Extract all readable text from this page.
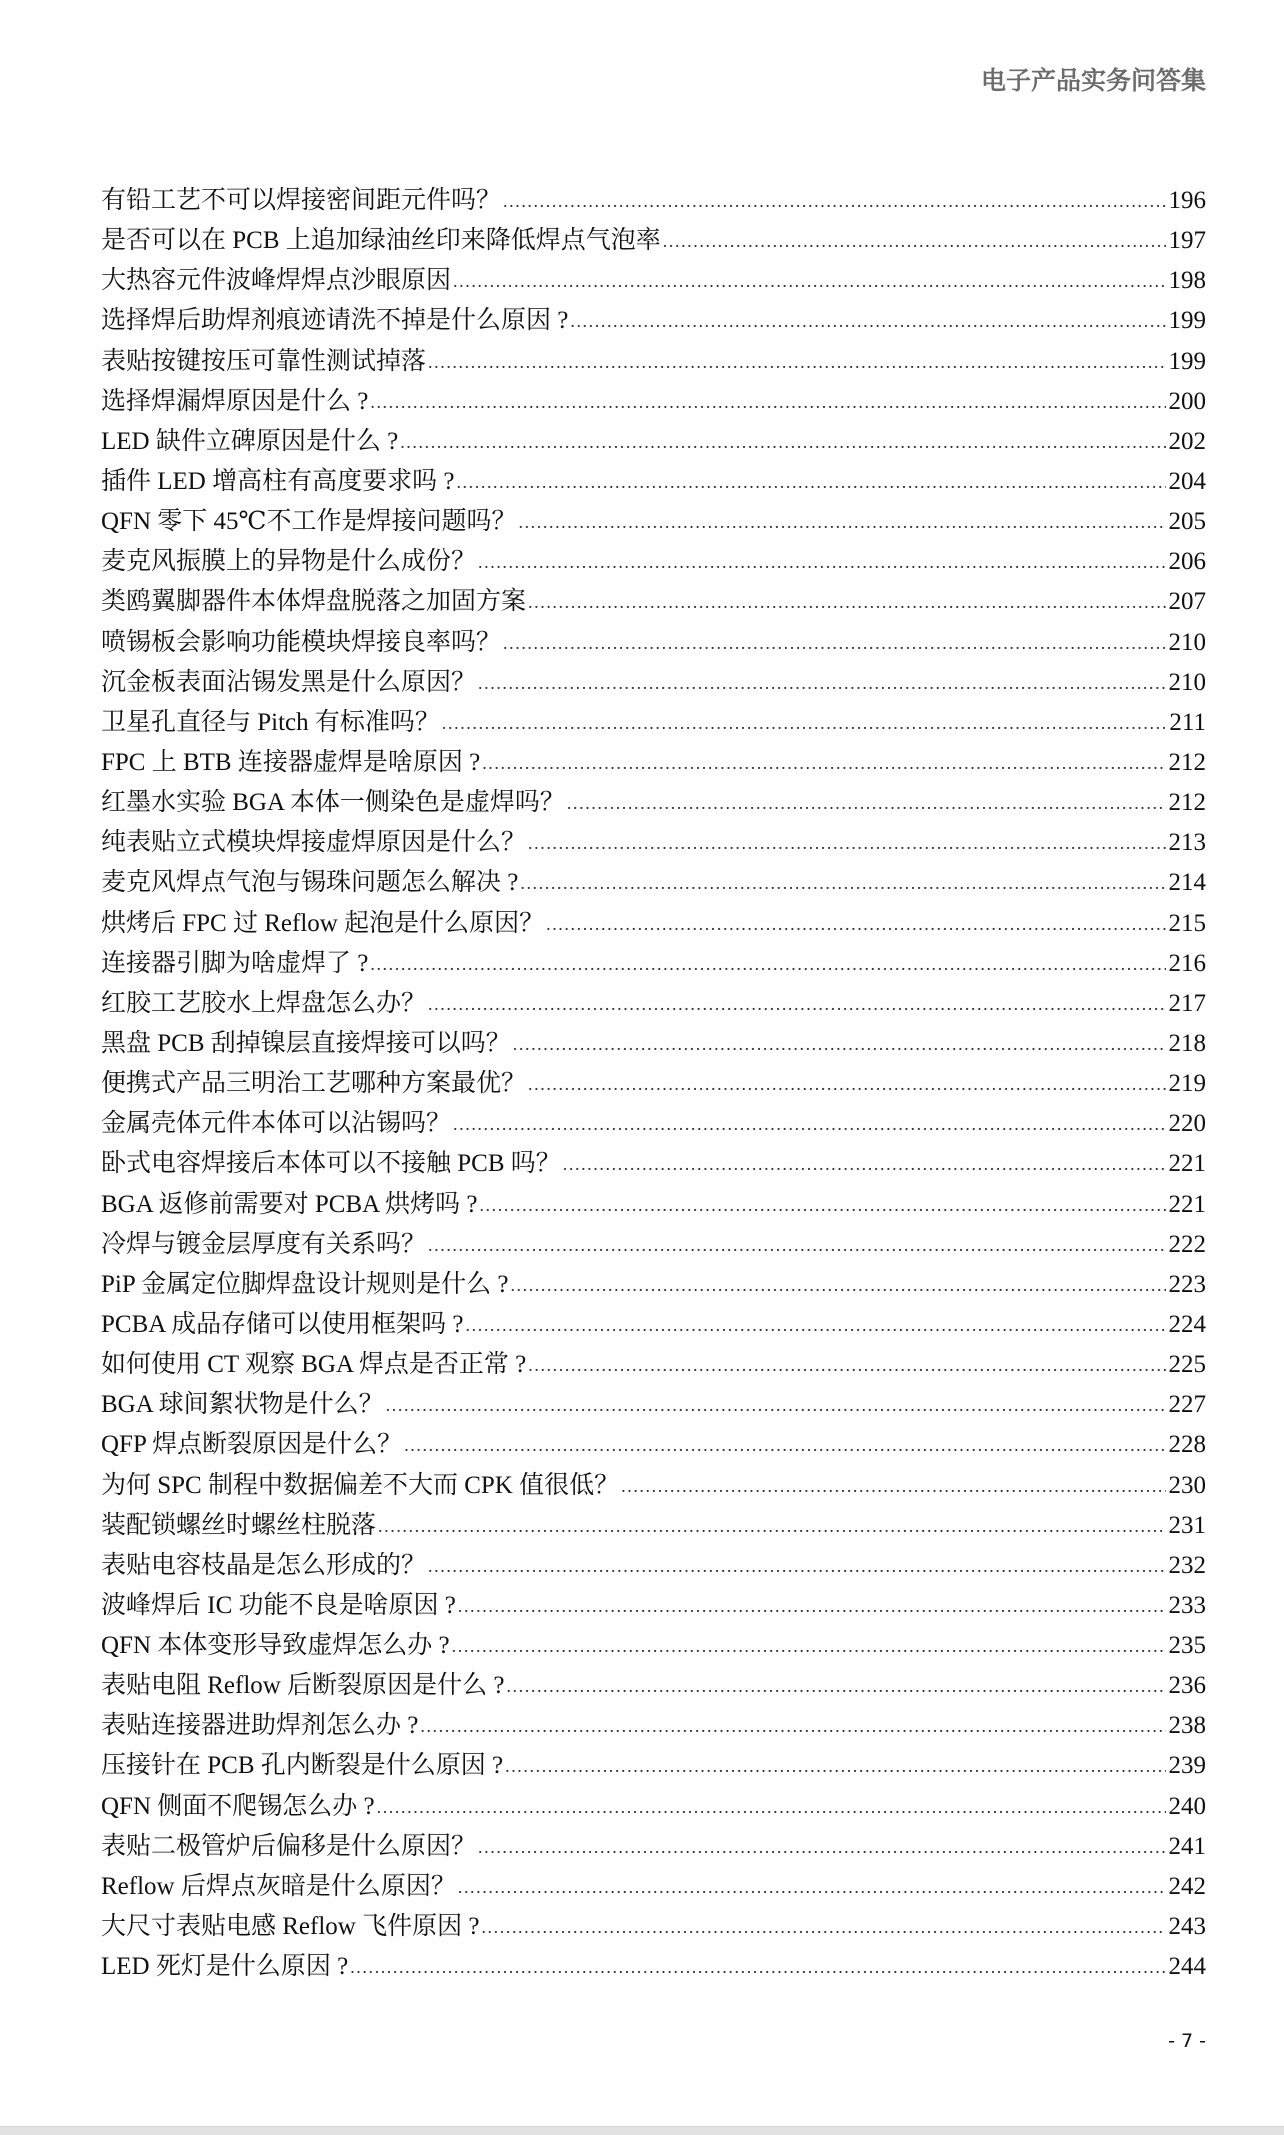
电子产品实务问答集
有铅工艺不可以焊接密间距元件吗？ .....	196
是否可以在 PCB 上追加绿油丝印来降低焊点气泡率 .....	197
大热容元件波峰焊焊点沙眼原因 .....	198
选择焊后助焊剂痕迹请洗不掉是什么原因 ? .....	199
表贴按键按压可靠性测试掉落 .....	199
选择焊漏焊原因是什么 ? .....	200
LED 缺件立碑原因是什么 ? .....	202
插件 LED 增高柱有高度要求吗 ? .....	204
QFN 零下 45℃不工作是焊接问题吗？ .....	205
麦克风振膜上的异物是什么成份？ .....	206
类鸥翼脚器件本体焊盘脱落之加固方案 .....	207
喷锡板会影响功能模块焊接良率吗？ .....	210
沉金板表面沾锡发黑是什么原因？ .....	210
卫星孔直径与 Pitch 有标准吗？ .....	211
FPC 上 BTB 连接器虚焊是啥原因 ? .....	212
红墨水实验 BGA 本体一侧染色是虚焊吗？ .....	212
纯表贴立式模块焊接虚焊原因是什么？ .....	213
麦克风焊点气泡与锡珠问题怎么解决 ? .....	214
烘烤后 FPC 过 Reflow 起泡是什么原因？ .....	215
连接器引脚为啥虚焊了 ? .....	216
红胶工艺胶水上焊盘怎么办？ .....	217
黑盘 PCB 刮掉镍层直接焊接可以吗？ .....	218
便携式产品三明治工艺哪种方案最优？ .....	219
金属壳体元件本体可以沾锡吗？ .....	220
卧式电容焊接后本体可以不接触 PCB 吗？ .....	221
BGA 返修前需要对 PCBA 烘烤吗 ? .....	221
冷焊与镀金层厚度有关系吗？ .....	222
PiP 金属定位脚焊盘设计规则是什么 ? .....	223
PCBA 成品存储可以使用框架吗 ? .....	224
如何使用 CT 观察 BGA 焊点是否正常 ? .....	225
BGA 球间絮状物是什么？ .....	227
QFP 焊点断裂原因是什么？ .....	228
为何 SPC 制程中数据偏差不大而 CPK 值很低？ .....	230
装配锁螺丝时螺丝柱脱落 .....	231
表贴电容枝晶是怎么形成的？ .....	232
波峰焊后 IC 功能不良是啥原因 ? .....	233
QFN 本体变形导致虚焊怎么办 ? .....	235
表贴电阻 Reflow 后断裂原因是什么 ? .....	236
表贴连接器进助焊剂怎么办 ? .....	238
压接针在 PCB 孔内断裂是什么原因 ? .....	239
QFN 侧面不爬锡怎么办 ? .....	240
表贴二极管炉后偏移是什么原因？ .....	241
Reflow 后焊点灰暗是什么原因？ .....	242
大尺寸表贴电感 Reflow 飞件原因 ? .....	243
LED 死灯是什么原因 ? .....	244
- 7 -
